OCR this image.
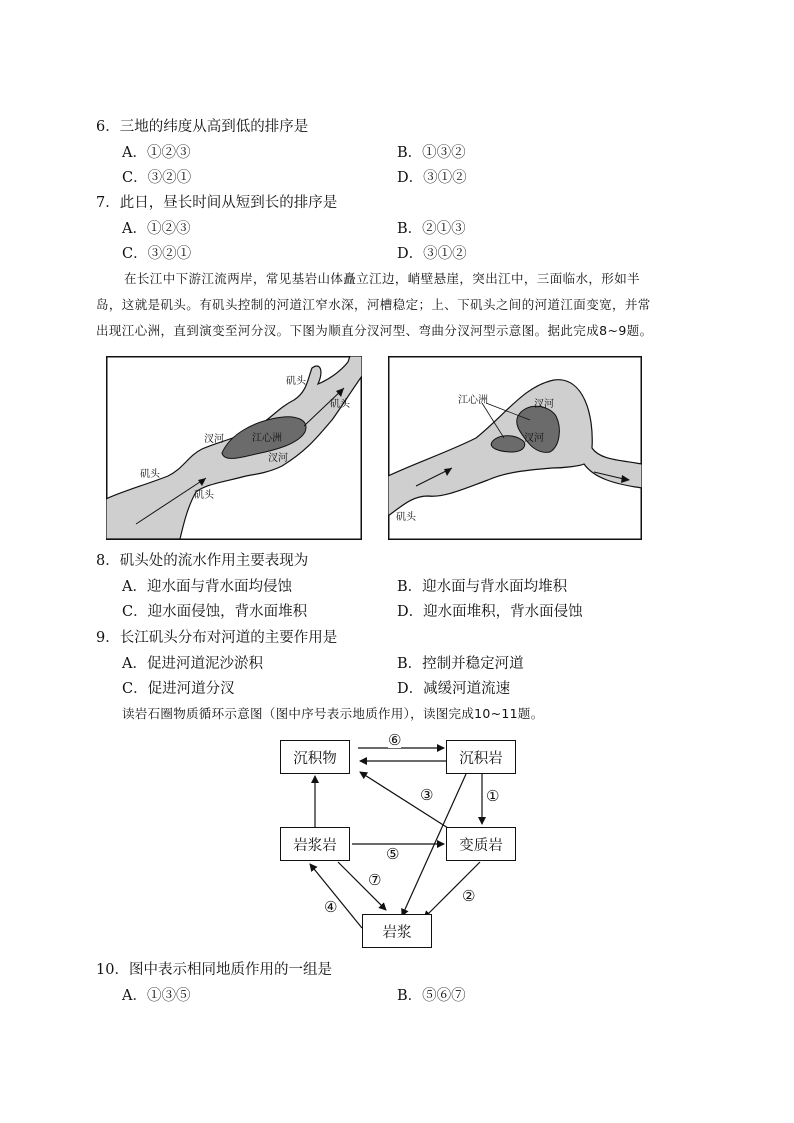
6．三地的纬度从高到低的排序是
A．①②③	B．①③②
C．③②①	D．③①②
7．此日，昼长时间从短到长的排序是
A．①②③	B．②①③
C．③②①	D．③①②
在长江中下游江流两岸，常见基岩山体矗立江边，峭壁悬崖，突出江中，三面临水，形如半
岛，这就是矶头。有矶头控制的河道江窄水深，河槽稳定；上、下矶头之间的河道江面变宽，并常
出现江心洲，直到演变至河分汊。下图为顺直分汊河型、弯曲分汊河型示意图。据此完成8~9题。
矶头
矶头
矶头
矶头
汊河
汊河
江心洲
江心洲	汊河
汊河
矶头
8．矶头处的流水作用主要表现为
A．迎水面与背水面均侵蚀	B．迎水面与背水面均堆积
C．迎水面侵蚀，背水面堆积	D．迎水面堆积，背水面侵蚀
9．长江矶头分布对河道的主要作用是
A．促进河道泥沙淤积	B．控制并稳定河道
C．促进河道分汊	D．减缓河道流速
读岩石圈物质循环示意图（图中序号表示地质作用），读图完成10~11题。
沉积物	沉积岩
岩浆岩	变质岩
岩浆
⑥
①
③
⑤
⑦
②
④
10．图中表示相同地质作用的一组是
A．①③⑤	B．⑤⑥⑦
